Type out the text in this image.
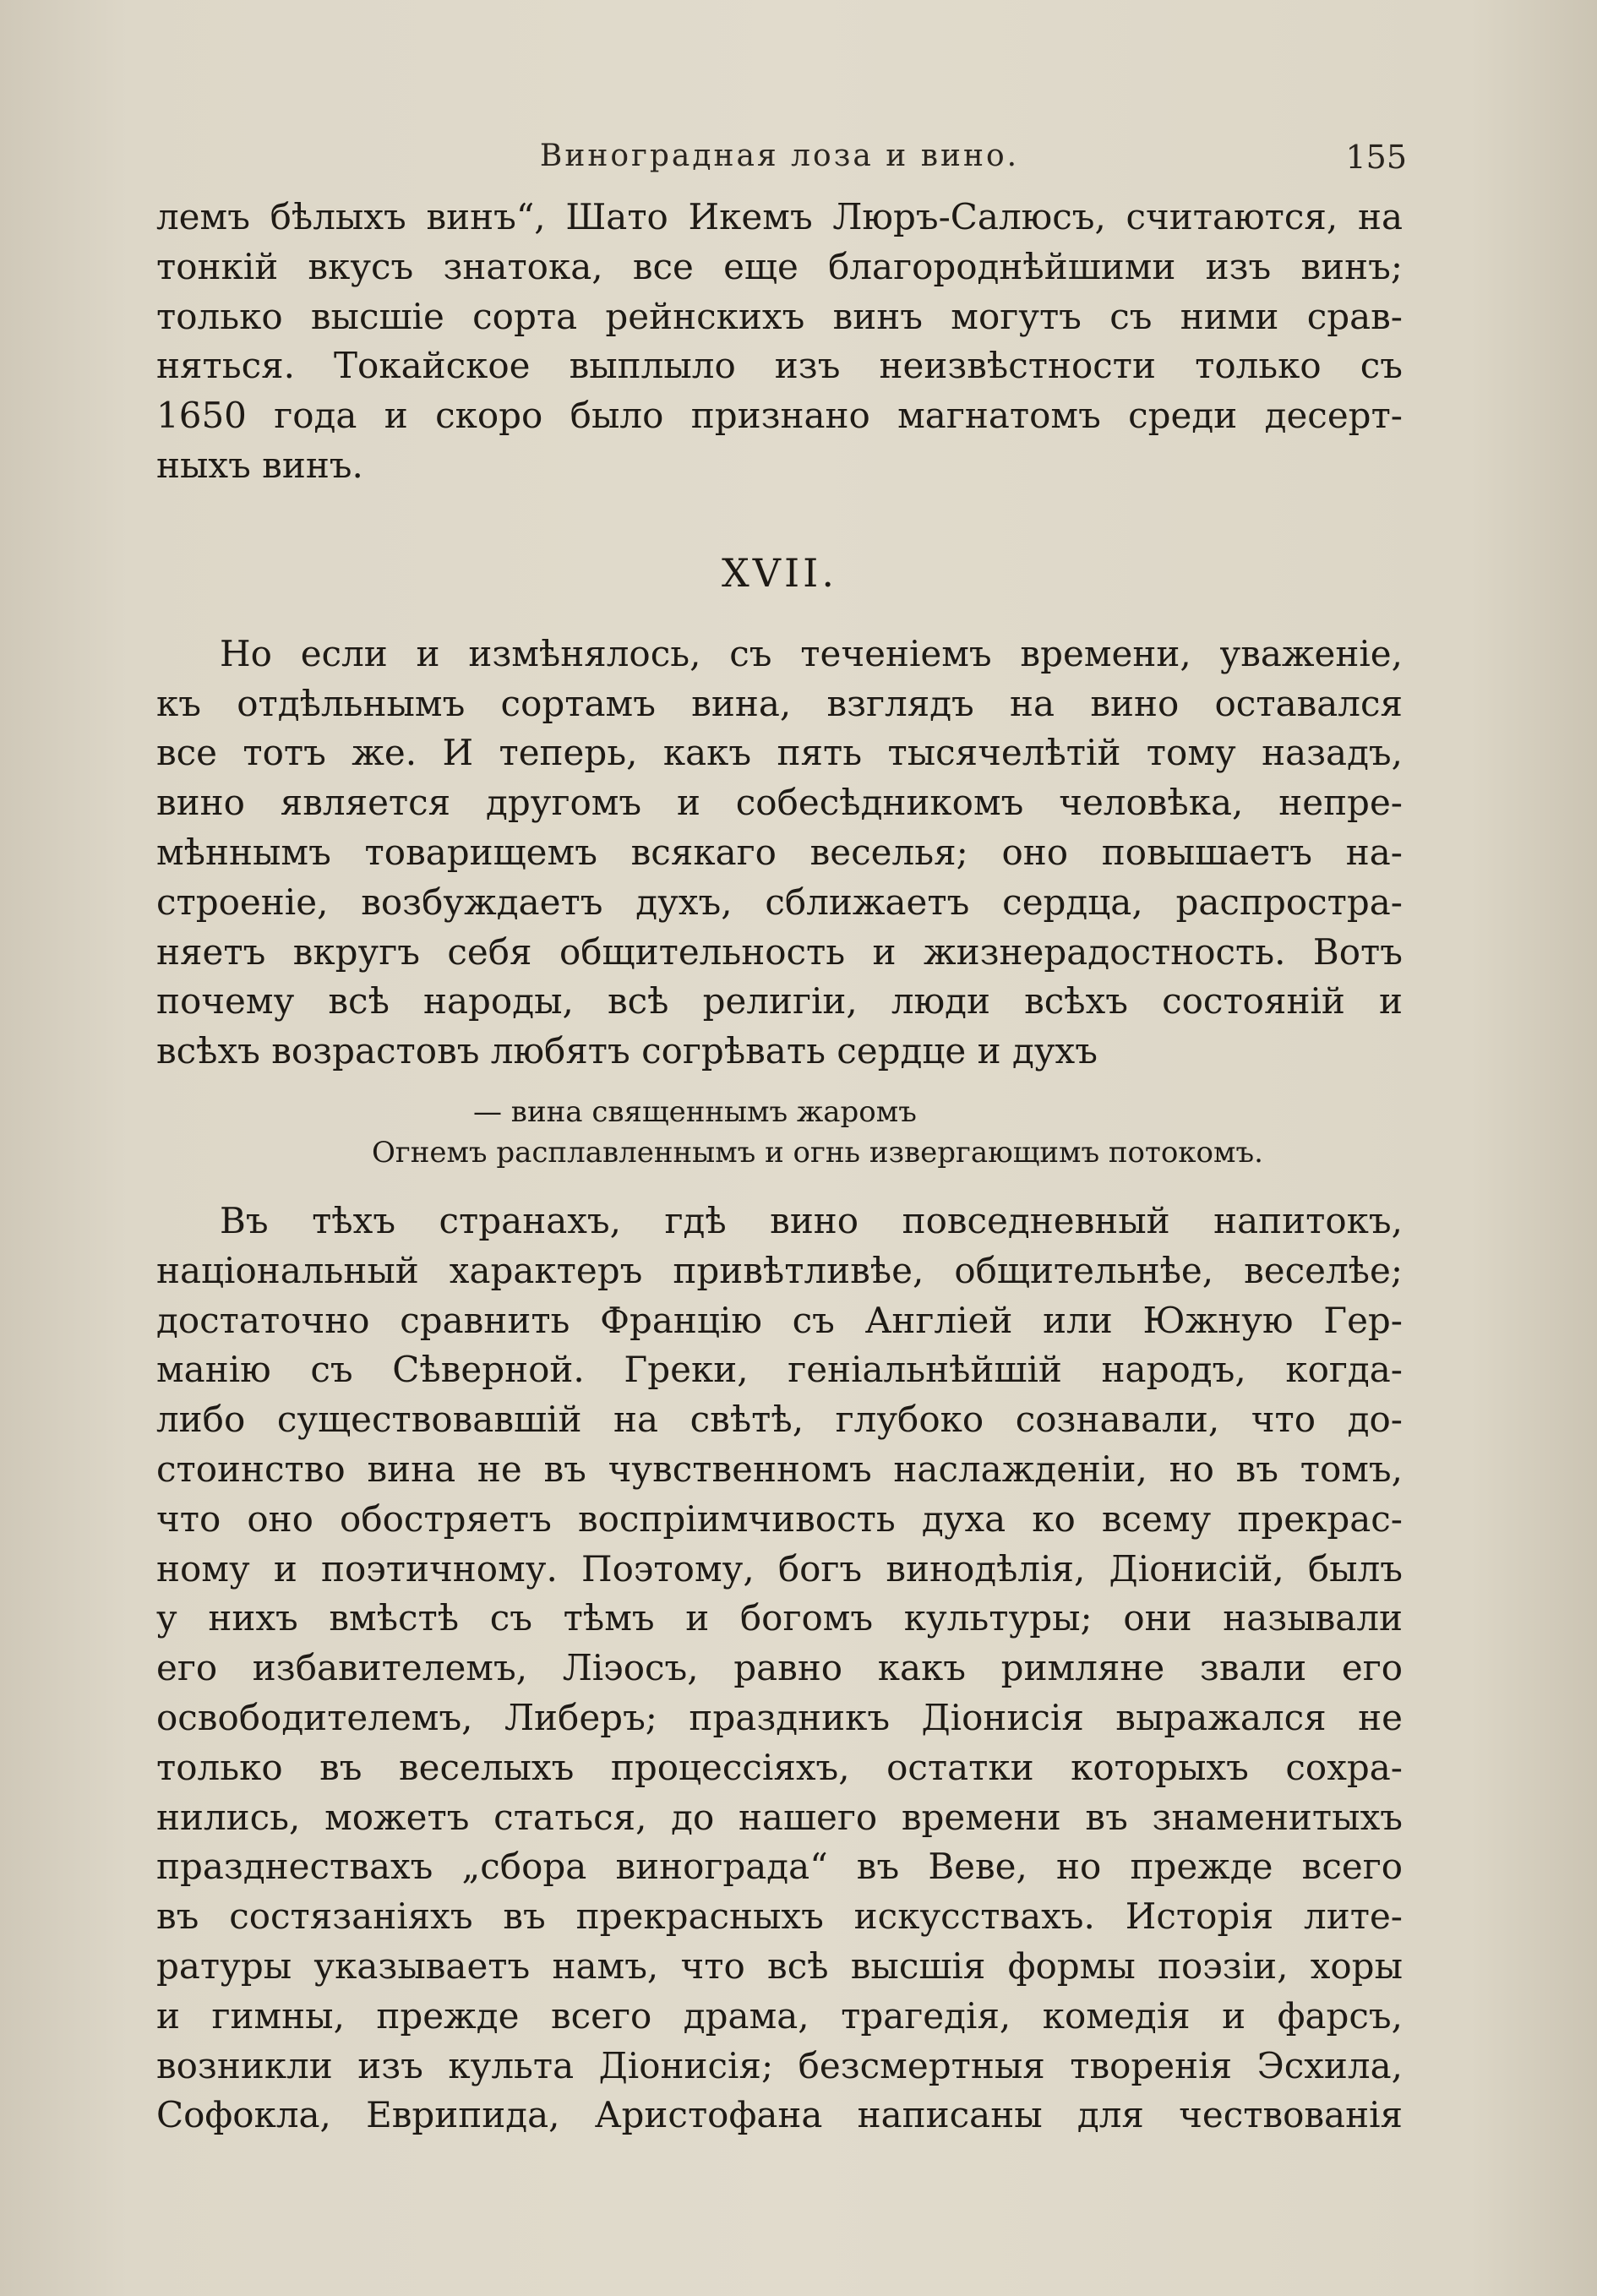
Виноградная лоза и вино.	155

лемъ бѣлыхъ винъ“, Шато Икемъ Люръ-Салюсъ, считаются, на
тонкій вкусъ знатока, все еще благороднѣйшими изъ винъ;
только высшіе сорта рейнскихъ винъ могутъ съ ними срав-
няться. Токайское выплыло изъ неизвѣстности только съ
1650 года и скоро было признано магнатомъ среди десерт-
ныхъ винъ.

XVII.

Но если и измѣнялось, съ теченіемъ времени, уваженіе,
къ отдѣльнымъ сортамъ вина, взглядъ на вино оставался
все тотъ же. И теперь, какъ пять тысячелѣтій тому назадъ,
вино является другомъ и собесѣдникомъ человѣка, непре-
мѣннымъ товарищемъ всякаго веселья; оно повышаетъ на-
строеніе, возбуждаетъ духъ, сближаетъ сердца, распростра-
няетъ вкругъ себя общительность и жизнерадостность. Вотъ
почему всѣ народы, всѣ религіи, люди всѣхъ состояній и
всѣхъ возрастовъ любятъ согрѣвать сердце и духъ

— вина священнымъ жаромъ
Огнемъ расплавленнымъ и огнь извергающимъ потокомъ.

Въ тѣхъ странахъ, гдѣ вино повседневный напитокъ,
національный характеръ привѣтливѣе, общительнѣе, веселѣе;
достаточно сравнить Францію съ Англіей или Южную Гер-
манію съ Сѣверной. Греки, геніальнѣйшій народъ, когда-
либо существовавшій на свѣтѣ, глубоко сознавали, что до-
стоинство вина не въ чувственномъ наслажденіи, но въ томъ,
что оно обостряетъ воспріимчивость духа ко всему прекрас-
ному и поэтичному. Поэтому, богъ винодѣлія, Діонисій, былъ
у нихъ вмѣстѣ съ тѣмъ и богомъ культуры; они называли
его избавителемъ, Ліэосъ, равно какъ римляне звали его
освободителемъ, Либеръ; праздникъ Діонисія выражался не
только въ веселыхъ процессіяхъ, остатки которыхъ сохра-
нились, можетъ статься, до нашего времени въ знаменитыхъ
празднествахъ „сбора винограда“ въ Веве, но прежде всего
въ состязаніяхъ въ прекрасныхъ искусствахъ. Исторія лите-
ратуры указываетъ намъ, что всѣ высшія формы поэзіи, хоры
и гимны, прежде всего драма, трагедія, комедія и фарсъ,
возникли изъ культа Діонисія; безсмертныя творенія Эсхила,
Софокла, Еврипида, Аристофана написаны для чествованія
